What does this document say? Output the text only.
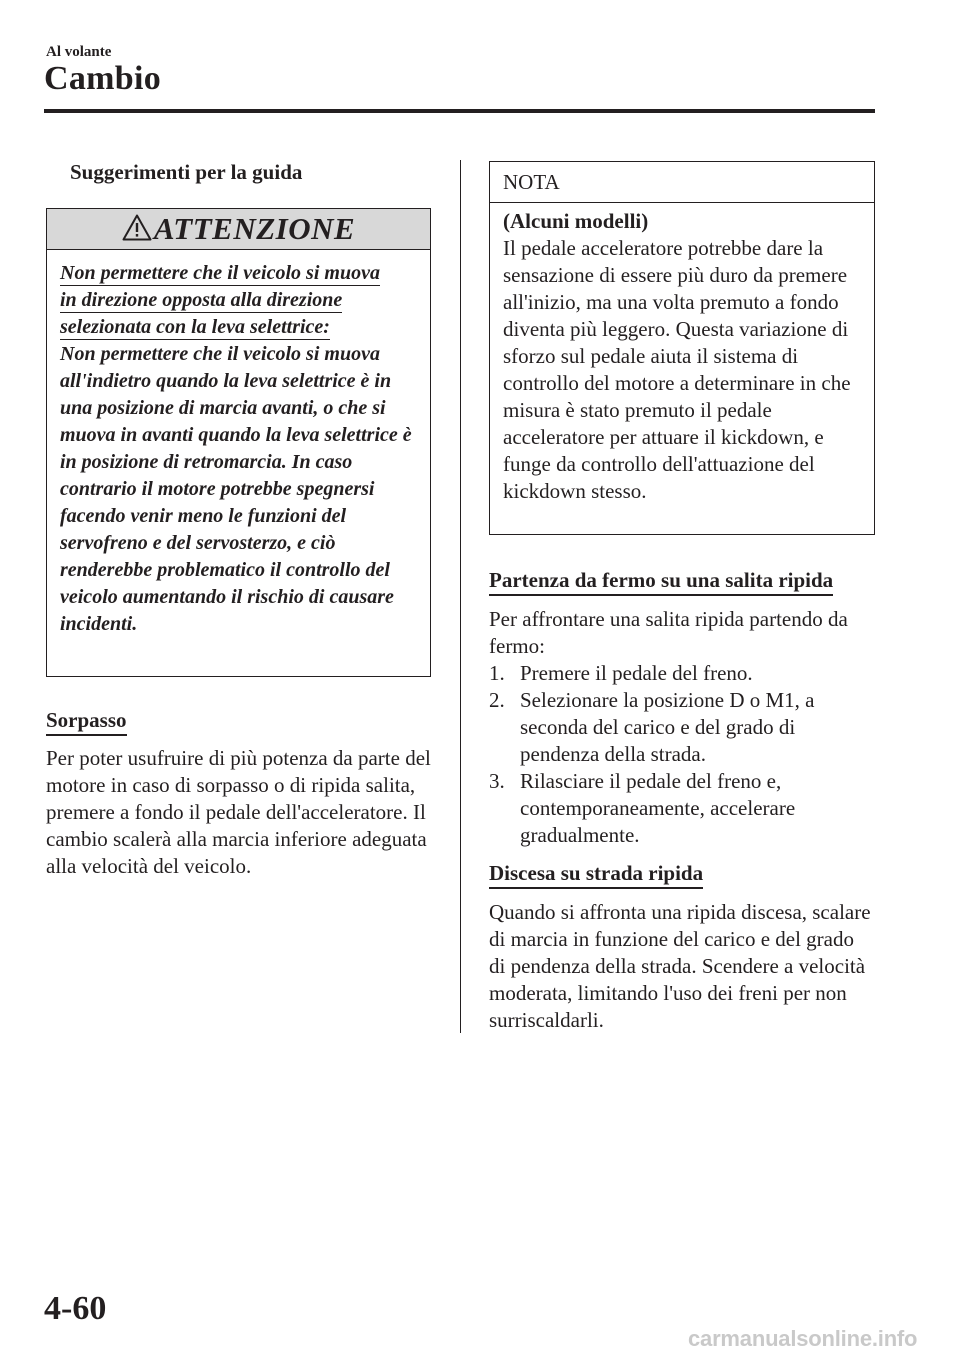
Al volante
Cambio
Suggerimenti per la guida
ATTENZIONE
Non permettere che il veicolo si muova
in direzione opposta alla direzione
selezionata con la leva selettrice:
Non permettere che il veicolo si muova all'indietro quando la leva selettrice è in una posizione di marcia avanti, o che si muova in avanti quando la leva selettrice è in posizione di retromarcia. In caso contrario il motore potrebbe spegnersi facendo venir meno le funzioni del servofreno e del servosterzo, e ciò renderebbe problematico il controllo del veicolo aumentando il rischio di causare incidenti.
Sorpasso
Per poter usufruire di più potenza da parte del motore in caso di sorpasso o di ripida salita, premere a fondo il pedale dell'acceleratore. Il cambio scalerà alla marcia inferiore adeguata alla velocità del veicolo.
NOTA
(Alcuni modelli)
Il pedale acceleratore potrebbe dare la sensazione di essere più duro da premere all'inizio, ma una volta premuto a fondo diventa più leggero. Questa variazione di sforzo sul pedale aiuta il sistema di controllo del motore a determinare in che misura è stato premuto il pedale acceleratore per attuare il kickdown, e funge da controllo dell'attuazione del kickdown stesso.
Partenza da fermo su una salita ripida
Per affrontare una salita ripida partendo da fermo:
1. Premere il pedale del freno.
2. Selezionare la posizione D o M1, a seconda del carico e del grado di pendenza della strada.
3. Rilasciare il pedale del freno e, contemporaneamente, accelerare gradualmente.
Discesa su strada ripida
Quando si affronta una ripida discesa, scalare di marcia in funzione del carico e del grado di pendenza della strada. Scendere a velocità moderata, limitando l'uso dei freni per non surriscaldarli.
4-60
carmanualsonline.info
